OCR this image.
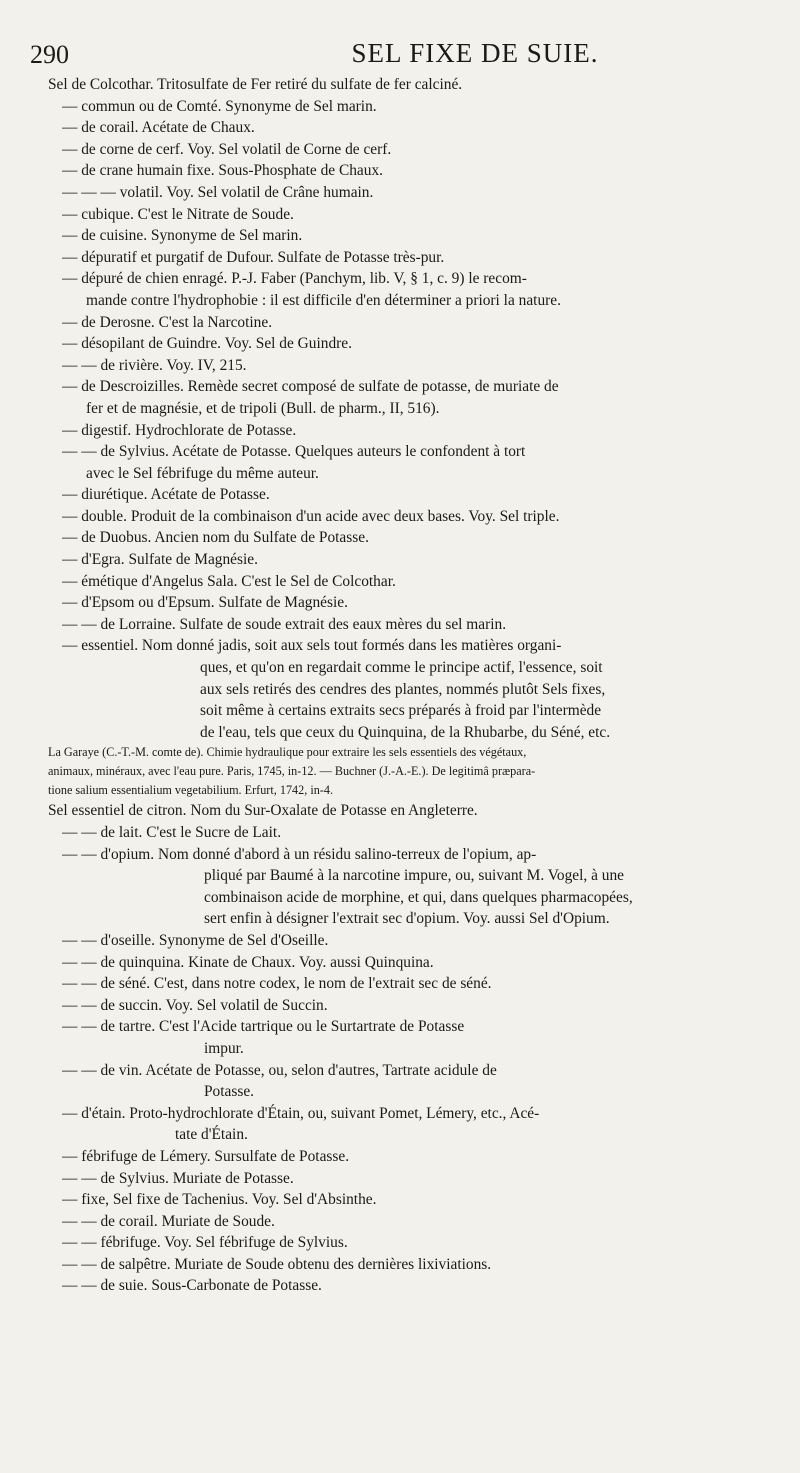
290	SEL FIXE DE SUIE.
Sel de Colcothar. Tritosulfate de Fer retiré du sulfate de fer calciné.
— commun ou de Comté. Synonyme de Sel marin.
— de corail. Acétate de Chaux.
— de corne de cerf. Voy. Sel volatil de Corne de cerf.
— de crane humain fixe. Sous-Phosphate de Chaux.
— — — volatil. Voy. Sel volatil de Crâne humain.
— cubique. C'est le Nitrate de Soude.
— de cuisine. Synonyme de Sel marin.
— dépuratif et purgatif de Dufour. Sulfate de Potasse très-pur.
— dépuré de chien enragé. P.-J. Faber (Panchym, lib. V, § 1, c. 9) le recom-
mande contre l'hydrophobie : il est difficile d'en déterminer a priori la nature.
— de Derosne. C'est la Narcotine.
— désopilant de Guindre. Voy. Sel de Guindre.
— — de rivière. Voy. IV, 215.
— de Descroizilles. Remède secret composé de sulfate de potasse, de muriate de
fer et de magnésie, et de tripoli (Bull. de pharm., II, 516).
— digestif. Hydrochlorate de Potasse.
— — de Sylvius. Acétate de Potasse. Quelques auteurs le confondent à tort
avec le Sel fébrifuge du même auteur.
— diurétique. Acétate de Potasse.
— double. Produit de la combinaison d'un acide avec deux bases. Voy. Sel triple.
— de Duobus. Ancien nom du Sulfate de Potasse.
— d'Egra. Sulfate de Magnésie.
— émétique d'Angelus Sala. C'est le Sel de Colcothar.
— d'Epsom ou d'Epsum. Sulfate de Magnésie.
— — de Lorraine. Sulfate de soude extrait des eaux mères du sel marin.
— essentiel. Nom donné jadis, soit aux sels tout formés dans les matières organi-
ques, et qu'on en regardait comme le principe actif, l'essence, soit
aux sels retirés des cendres des plantes, nommés plutôt Sels fixes,
soit même à certains extraits secs préparés à froid par l'intermède
de l'eau, tels que ceux du Quinquina, de la Rhubarbe, du Séné, etc.
La Garaye (C.-T.-M. comte de). Chimie hydraulique pour extraire les sels essentiels des végétaux,
animaux, minéraux, avec l'eau pure. Paris, 1745, in-12. — Buchner (J.-A.-E.). De legitimâ præpara-
tione salium essentialium vegetabilium. Erfurt, 1742, in-4.
Sel essentiel de citron. Nom du Sur-Oxalate de Potasse en Angleterre.
— — de lait. C'est le Sucre de Lait.
— — d'opium. Nom donné d'abord à un résidu salino-terreux de l'opium, ap-
pliqué par Baumé à la narcotine impure, ou, suivant M. Vogel, à une
combinaison acide de morphine, et qui, dans quelques pharmacopées,
sert enfin à désigner l'extrait sec d'opium. Voy. aussi Sel d'Opium.
— — d'oseille. Synonyme de Sel d'Oseille.
— — de quinquina. Kinate de Chaux. Voy. aussi Quinquina.
— — de séné. C'est, dans notre codex, le nom de l'extrait sec de séné.
— — de succin. Voy. Sel volatil de Succin.
— — de tartre. C'est l'Acide tartrique ou le Surtartrate de Potasse
impur.
— — de vin. Acétate de Potasse, ou, selon d'autres, Tartrate acidule de
Potasse.
— d'étain. Proto-hydrochlorate d'Étain, ou, suivant Pomet, Lémery, etc., Acé-
tate d'Étain.
— fébrifuge de Lémery. Sursulfate de Potasse.
— — de Sylvius. Muriate de Potasse.
— fixe, Sel fixe de Tachenius. Voy. Sel d'Absinthe.
— — de corail. Muriate de Soude.
— — fébrifuge. Voy. Sel fébrifuge de Sylvius.
— — de salpêtre. Muriate de Soude obtenu des dernières lixiviations.
— — de suie. Sous-Carbonate de Potasse.
